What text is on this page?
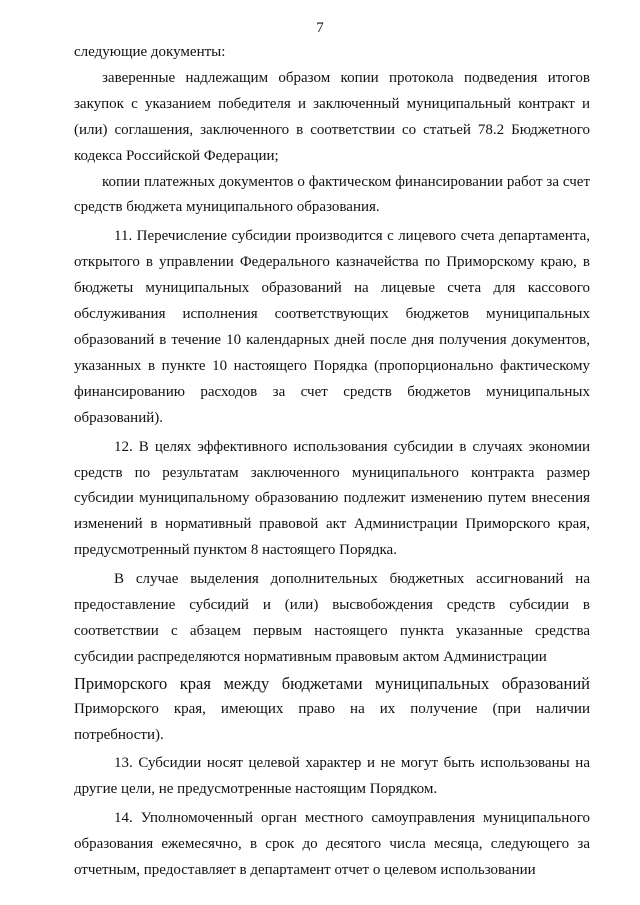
7

следующие документы:

заверенные надлежащим образом копии протокола подведения итогов закупок с указанием победителя и заключенный муниципальный контракт и (или) соглашения, заключенного в соответствии со статьей 78.2 Бюджетного кодекса Российской Федерации;

копии платежных документов о фактическом финансировании работ за счет средств бюджета муниципального образования.

11. Перечисление субсидии производится с лицевого счета департамента, открытого в управлении Федерального казначейства по Приморскому краю, в бюджеты муниципальных образований на лицевые счета для кассового обслуживания исполнения соответствующих бюджетов муниципальных образований в течение 10 календарных дней после дня получения документов, указанных в пункте 10 настоящего Порядка (пропорционально фактическому финансированию расходов за счет средств бюджетов муниципальных образований).

12. В целях эффективного использования субсидии в случаях экономии средств по результатам заключенного муниципального контракта размер субсидии муниципальному образованию подлежит изменению путем внесения изменений в нормативный правовой акт Администрации Приморского края, предусмотренный пунктом 8 настоящего Порядка.

В случае выделения дополнительных бюджетных ассигнований на предоставление субсидий и (или) высвобождения средств субсидии в соответствии с абзацем первым настоящего пункта указанные средства субсидии распределяются нормативным правовым актом Администрации

Приморского края между бюджетами муниципальных образований

Приморского края, имеющих право на их получение (при наличии потребности).

13. Субсидии носят целевой характер и не могут быть использованы на другие цели, не предусмотренные настоящим Порядком.

14. Уполномоченный орган местного самоуправления муниципального образования ежемесячно, в срок до десятого числа месяца, следующего за отчетным, предоставляет в департамент отчет о целевом использовании
